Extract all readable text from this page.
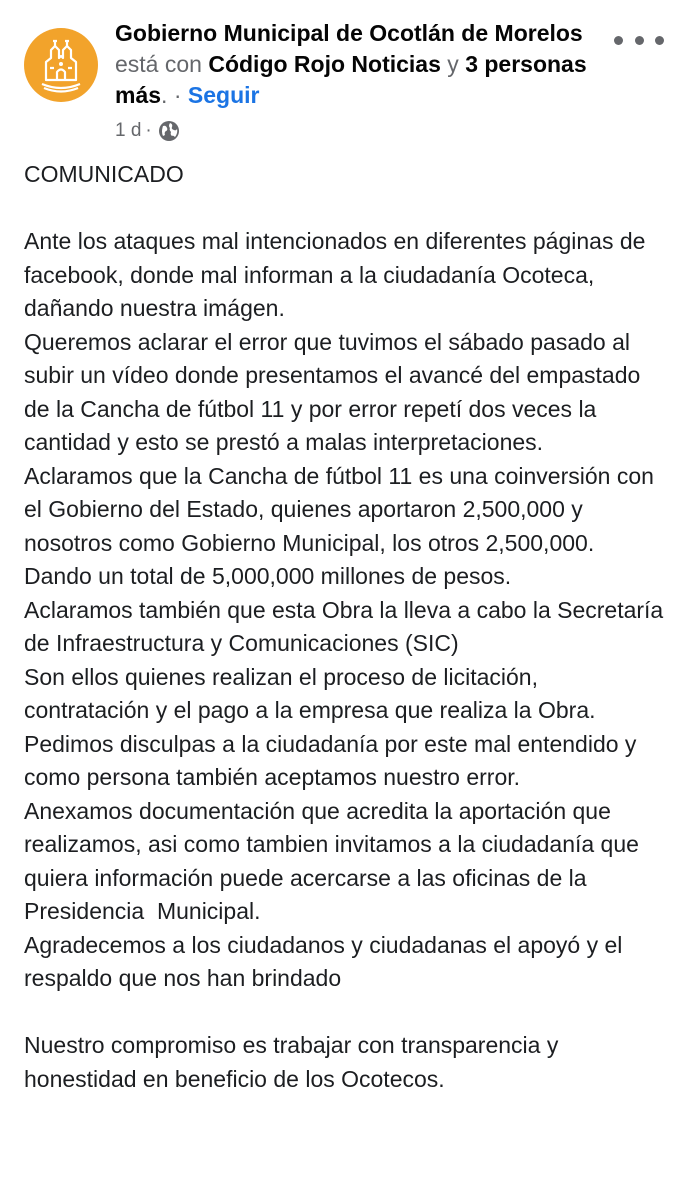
Gobierno Municipal de Ocotlán de Morelos está con Código Rojo Noticias y 3 personas más. · Seguir
1 d ·

COMUNICADO

Ante los ataques mal intencionados en diferentes páginas de facebook, donde mal informan a la ciudadanía Ocoteca, dañando nuestra imágen.

Queremos aclarar el error que tuvimos el sábado pasado al subir un vídeo donde presentamos el avancé del empastado de la Cancha de fútbol 11 y por error repetí dos veces la cantidad y esto se prestó a malas interpretaciones.

Aclaramos que la Cancha de fútbol 11 es una coinversión con el Gobierno del Estado, quienes aportaron 2,500,000 y nosotros como Gobierno Municipal, los otros 2,500,000.

Dando un total de 5,000,000 millones de pesos.

Aclaramos también que esta Obra la lleva a cabo la Secretaría de Infraestructura y Comunicaciones (SIC)

Son ellos quienes realizan el proceso de licitación, contratación y el pago a la empresa que realiza la Obra.

Pedimos disculpas a la ciudadanía por este mal entendido y como persona también aceptamos nuestro error.

Anexamos documentación que acredita la aportación que realizamos, asi como tambien invitamos a la ciudadanía que quiera información puede acercarse a las oficinas de la Presidencia  Municipal.

Agradecemos a los ciudadanos y ciudadanas el apoyó y el respaldo que nos han brindado

Nuestro compromiso es trabajar con transparencia y honestidad en beneficio de los Ocotecos.
